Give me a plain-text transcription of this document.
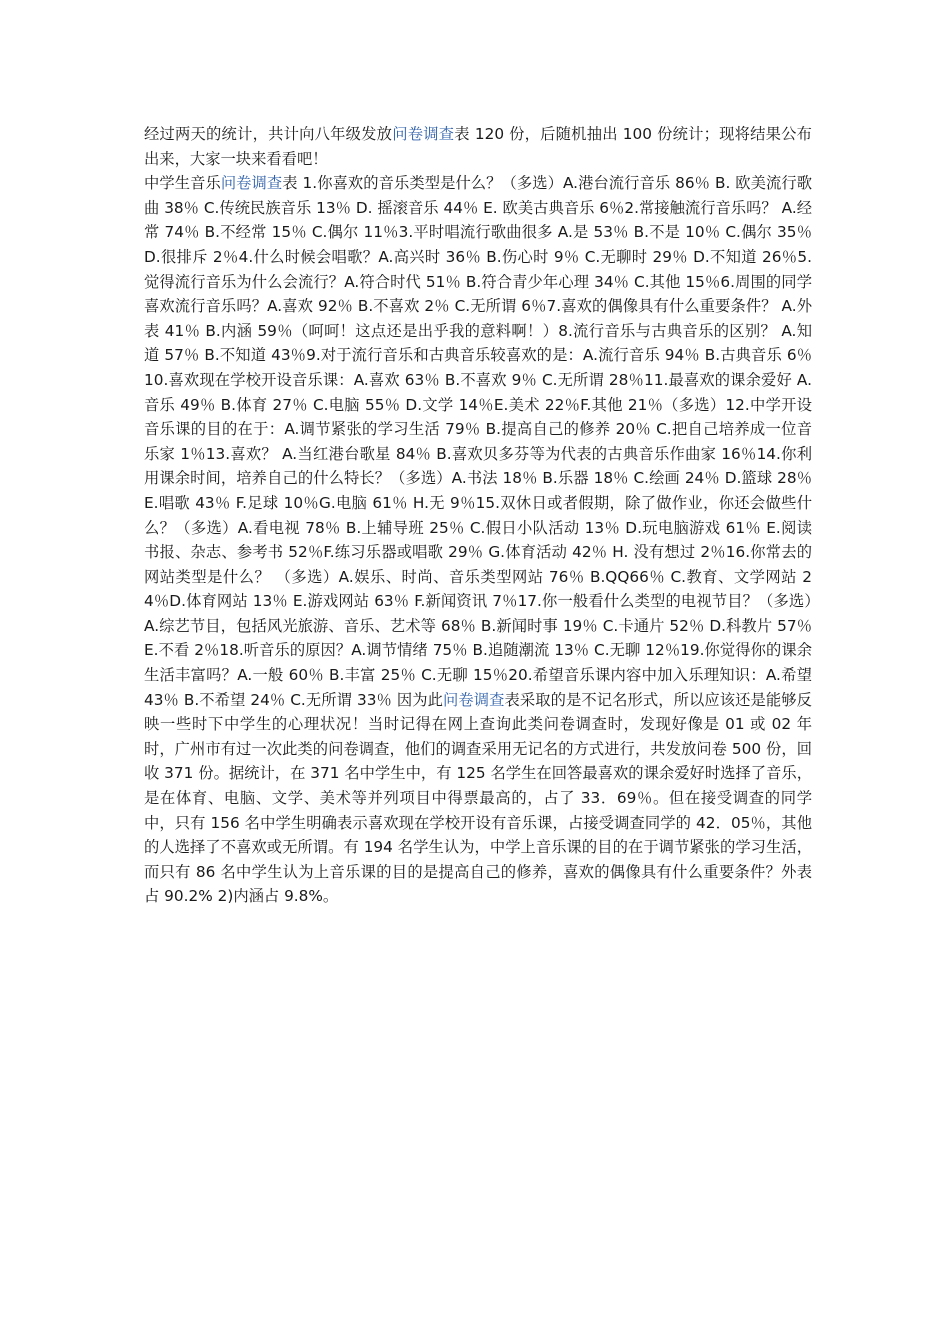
经过两天的统计，共计向八年级发放问卷调查表 120 份，后随机抽出 100 份统计；现将结果公布出来，大家一块来看看吧！

中学生音乐问卷调查表 1.你喜欢的音乐类型是什么？（多选）A.港台流行音乐 86％ B. 欧美流行歌曲 38％ C.传统民族音乐 13％ D. 摇滚音乐 44％ E. 欧美古典音乐 6％2.常接触流行音乐吗？ A.经常 74％ B.不经常 15％ C.偶尔 11％3.平时唱流行歌曲很多 A.是 53％ B.不是 10％ C.偶尔 35％ D.很排斥 2％4.什么时候会唱歌？A.高兴时 36％ B.伤心时 9％ C.无聊时 29％ D.不知道 26％5.觉得流行音乐为什么会流行？A.符合时代 51％ B.符合青少年心理 34％ C.其他 15％6.周围的同学喜欢流行音乐吗？A.喜欢 92％ B.不喜欢 2％ C.无所谓 6％7.喜欢的偶像具有什么重要条件？ A.外表 41％ B.内涵 59％（呵呵！这点还是出乎我的意料啊！）8.流行音乐与古典音乐的区别？ A.知道 57％ B.不知道 43％9.对于流行音乐和古典音乐较喜欢的是：A.流行音乐 94％ B.古典音乐 6％10.喜欢现在学校开设音乐课：A.喜欢 63％ B.不喜欢 9％ C.无所谓 28％11.最喜欢的课余爱好 A.音乐 49％ B.体育 27％ C.电脑 55％ D.文学 14％E.美术 22％F.其他 21％（多选）12.中学开设音乐课的目的在于：A.调节紧张的学习生活 79％ B.提高自己的修养 20％ C.把自己培养成一位音乐家 1％13.喜欢？ A.当红港台歌星 84％ B.喜欢贝多芬等为代表的古典音乐作曲家 16％14.你利用课余时间，培养自己的什么特长？（多选）A.书法 18％ B.乐器 18％ C.绘画 24％ D.篮球 28％ E.唱歌 43％ F.足球 10％G.电脑 61％ H.无 9％15.双休日或者假期，除了做作业，你还会做些什么？（多选）A.看电视 78％ B.上辅导班 25％ C.假日小队活动 13％ D.玩电脑游戏 61％ E.阅读书报、杂志、参考书 52％F.练习乐器或唱歌 29％ G.体育活动 42％ H. 没有想过 2％16.你常去的网站类型是什么？ （多选）A.娱乐、时尚、音乐类型网站 76％ B.QQ66％ C.教育、文学网站 24％D.体育网站 13％ E.游戏网站 63％ F.新闻资讯 7％17.你一般看什么类型的电视节目？（多选）A.综艺节目，包括风光旅游、音乐、艺术等 68％ B.新闻时事 19％ C.卡通片 52％ D.科教片 57％ E.不看 2％18.听音乐的原因？A.调节情绪 75％ B.追随潮流 13％ C.无聊 12％19.你觉得你的课余生活丰富吗？A.一般 60％ B.丰富 25％ C.无聊 15％20.希望音乐课内容中加入乐理知识：A.希望 43％ B.不希望 24％ C.无所谓 33％ 因为此问卷调查表采取的是不记名形式，所以应该还是能够反映一些时下中学生的心理状况！当时记得在网上查询此类问卷调查时，发现好像是 01 或 02 年时，广州市有过一次此类的问卷调查，他们的调查采用无记名的方式进行，共发放问卷 500 份，回收 371 份。据统计，在 371 名中学生中，有 125 名学生在回答最喜欢的课余爱好时选择了音乐，是在体育、电脑、文学、美术等并列项目中得票最高的，占了 33．69％。但在接受调查的同学中，只有 156 名中学生明确表示喜欢现在学校开设有音乐课，占接受调查同学的 42．05％，其他的人选择了不喜欢或无所谓。有 194 名学生认为，中学上音乐课的目的在于调节紧张的学习生活，而只有 86 名中学生认为上音乐课的目的是提高自己的修养，喜欢的偶像具有什么重要条件？外表占 90.2% 2)内涵占 9.8%。
